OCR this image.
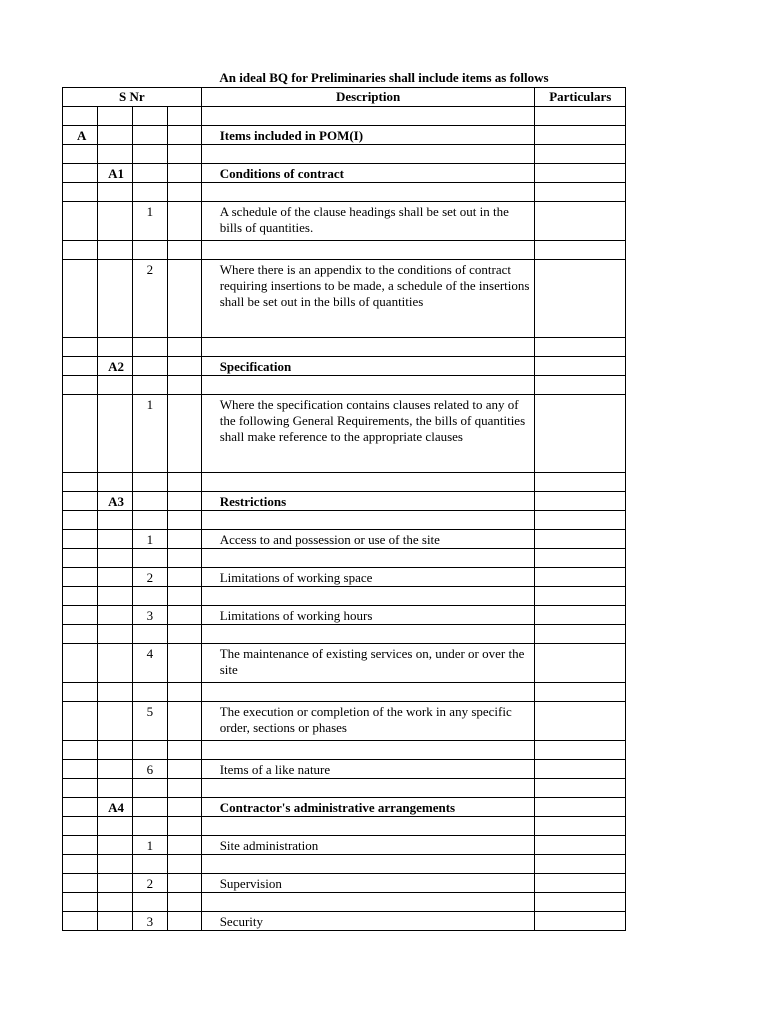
An ideal BQ for Preliminaries shall include items as follows
S Nr				Description	Particulars

A				Items included in POM(I)	

	A1			Conditions of contract	

		1		A schedule of the clause headings shall be set out in the bills of quantities.	

		2		Where there is an appendix to the conditions of contract requiring insertions to be made, a schedule of the insertions shall be set out in the bills of quantities	

	A2			Specification	

		1		Where the specification contains clauses related to any of the following General Requirements, the bills of quantities shall make reference to the appropriate clauses	

	A3			Restrictions	

		1		Access to and possession or use of the site	

		2		Limitations of working space	

		3		Limitations of working hours	

		4		The maintenance of existing services on, under or over the site	

		5		The execution or completion of the work in any specific order, sections or phases	

		6		Items of a like nature	

	A4			Contractor's administrative arrangements	

		1		Site administration	

		2		Supervision	

		3		Security	
